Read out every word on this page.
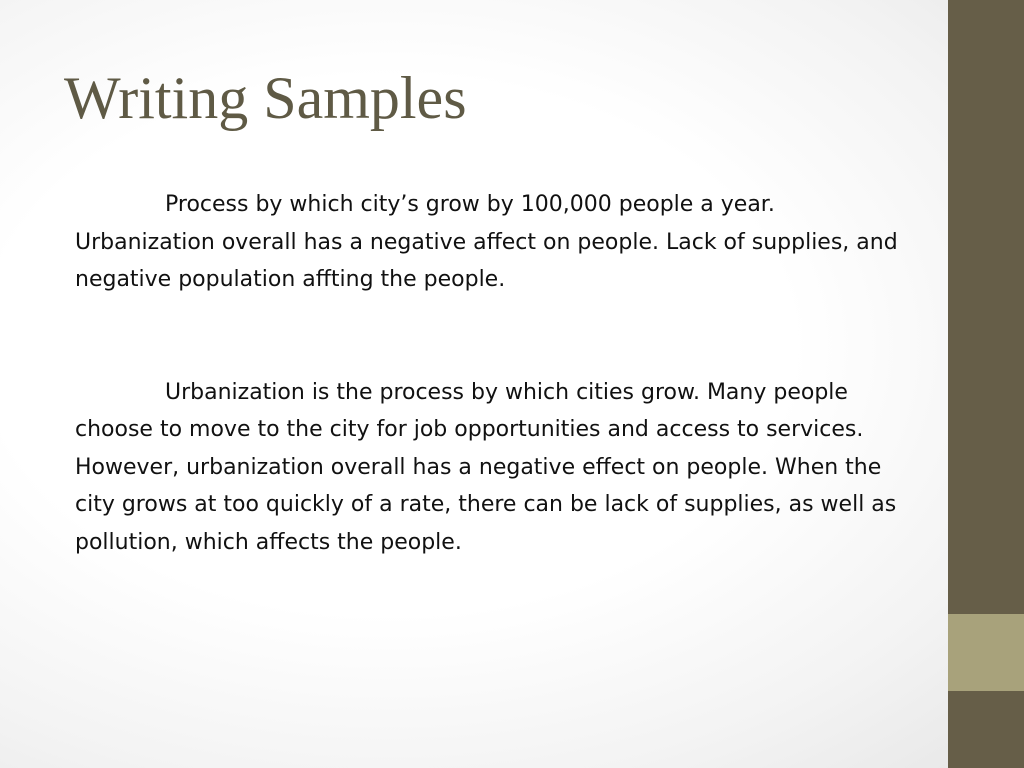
Writing Samples

Process by which city’s grow by 100,000 people a year. Urbanization overall has a negative affect on people. Lack of supplies, and negative population affting the people.

Urbanization is the process by which cities grow. Many people choose to move to the city for job opportunities and access to services. However, urbanization overall has a negative effect on people. When the city grows at too quickly of a rate, there can be lack of supplies, as well as pollution, which affects the people.
